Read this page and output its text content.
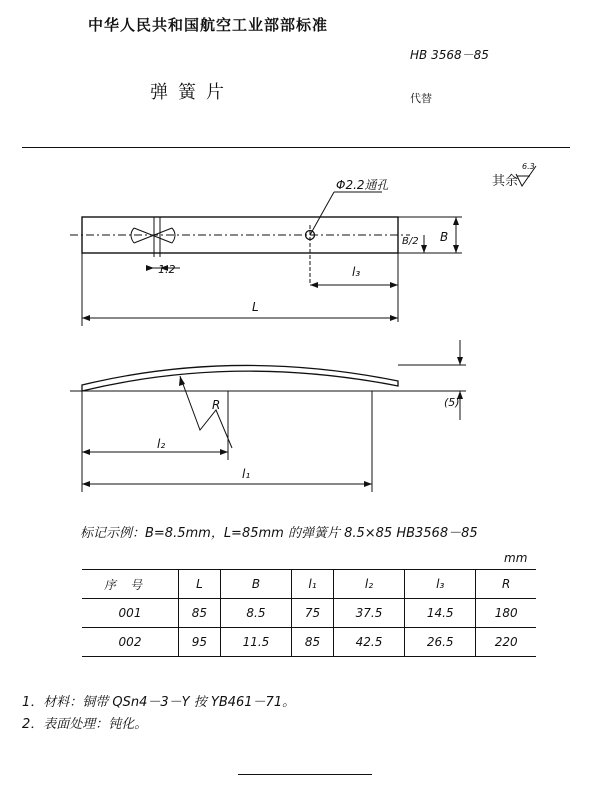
中华人民共和国航空工业部部标准
HB 3568－85
弹簧片	代替
其余
6.3
Φ2.2通孔
1.2
B/2 B
l₃
L
R	(5)
l₂
l₁
标记示例：B=8.5mm，L=85mm 的弹簧片 8.5×85 HB3568－85
mm
序号	L	B	l₁	l₂	l₃	R
001	85	8.5	75	37.5	14.5	180
002	95	11.5	85	42.5	26.5	220
1．材料：铜带 QSn4－3－Y 按 YB461－71。
2．表面处理：钝化。
